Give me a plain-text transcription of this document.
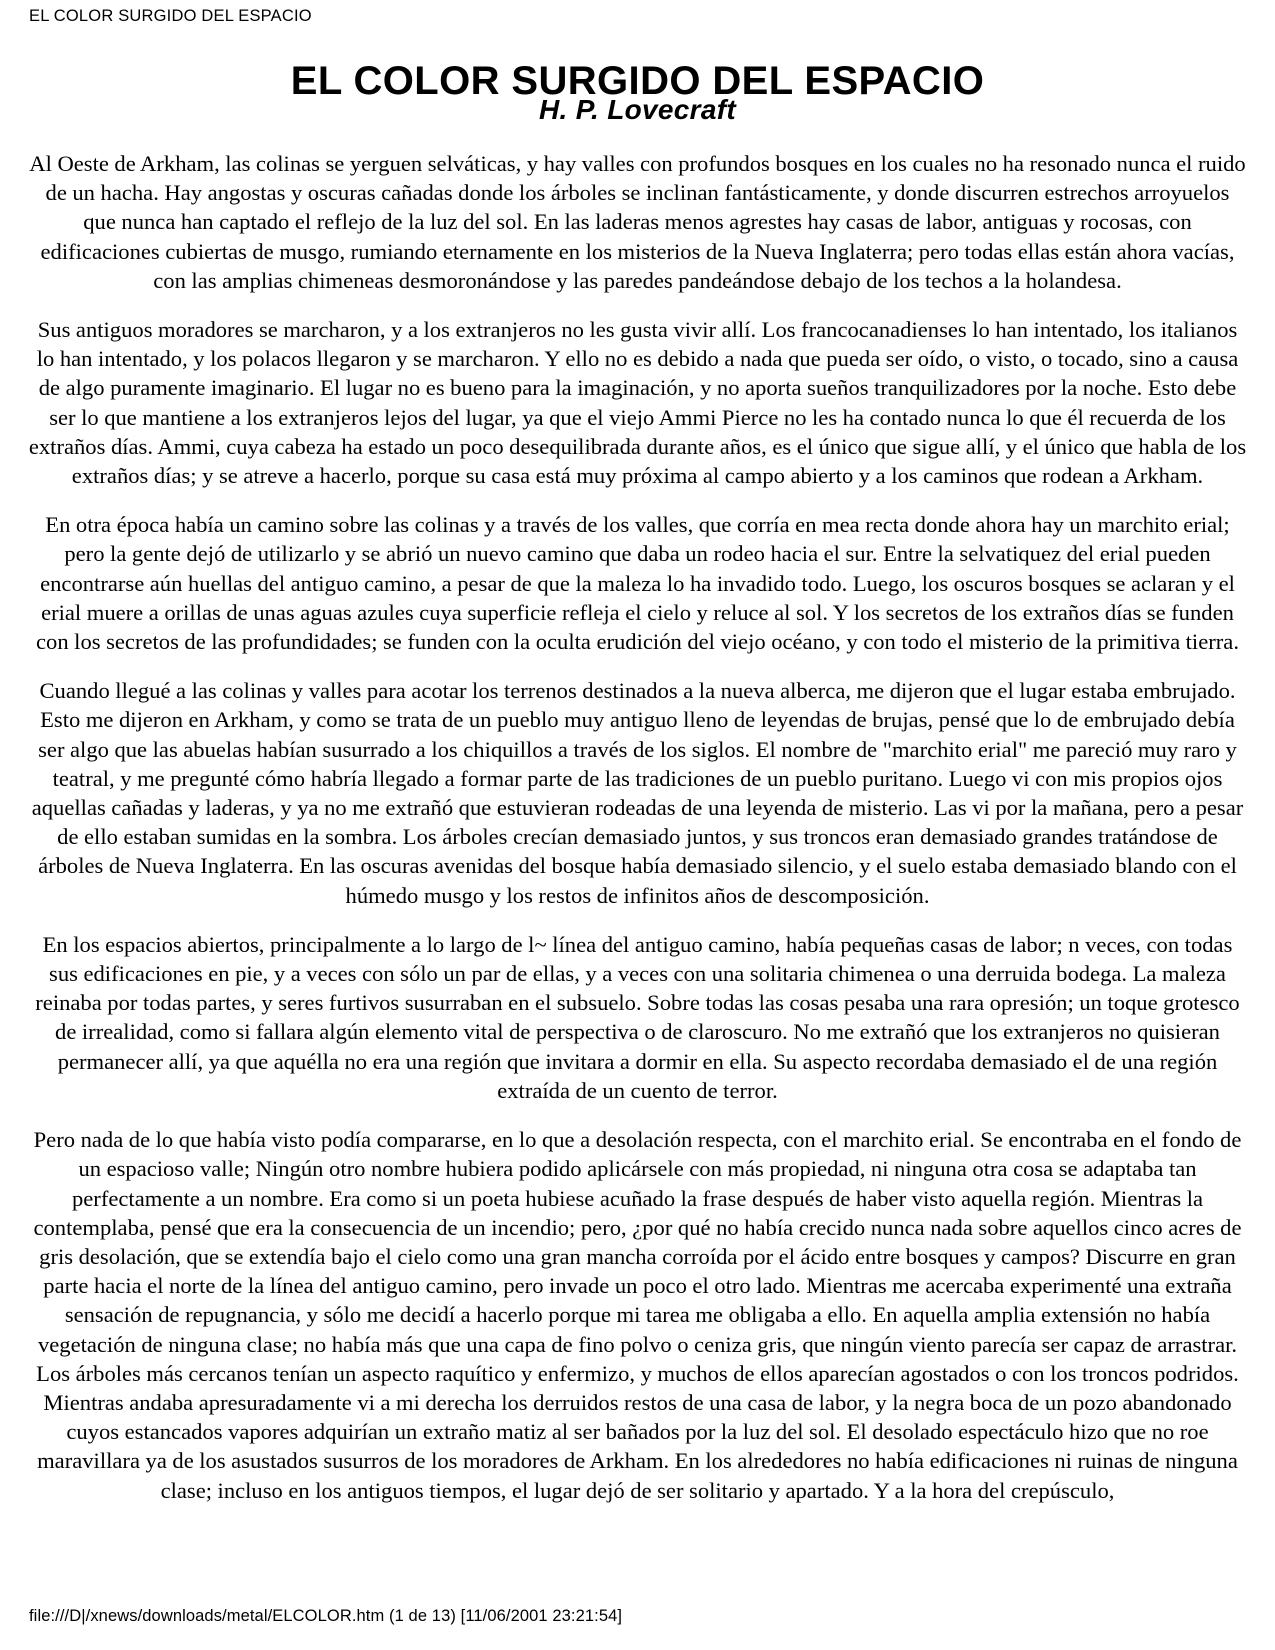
EL COLOR SURGIDO DEL ESPACIO
EL COLOR SURGIDO DEL ESPACIO
H. P. Lovecraft

Al Oeste de Arkham, las colinas se yerguen selváticas, y hay valles con profundos bosques en los cuales no ha resonado nunca el ruido de un hacha. Hay angostas y oscuras cañadas donde los árboles se inclinan fantásticamente, y donde discurren estrechos arroyuelos que nunca han captado el reflejo de la luz del sol. En las laderas menos agrestes hay casas de labor, antiguas y rocosas, con edificaciones cubiertas de musgo, rumiando eternamente en los misterios de la Nueva Inglaterra; pero todas ellas están ahora vacías, con las amplias chimeneas desmoronándose y las paredes pandeándose debajo de los techos a la holandesa.

Sus antiguos moradores se marcharon, y a los extranjeros no les gusta vivir allí. Los francocanadienses lo han intentado, los italianos lo han intentado, y los polacos llegaron y se marcharon. Y ello no es debido a nada que pueda ser oído, o visto, o tocado, sino a causa de algo puramente imaginario. El lugar no es bueno para la imaginación, y no aporta sueños tranquilizadores por la noche. Esto debe ser lo que mantiene a los extranjeros lejos del lugar, ya que el viejo Ammi Pierce no les ha contado nunca lo que él recuerda de los extraños días. Ammi, cuya cabeza ha estado un poco desequilibrada durante años, es el único que sigue allí, y el único que habla de los extraños días; y se atreve a hacerlo, porque su casa está muy próxima al campo abierto y a los caminos que rodean a Arkham.

En otra época había un camino sobre las colinas y a través de los valles, que corría en mea recta donde ahora hay un marchito erial; pero la gente dejó de utilizarlo y se abrió un nuevo camino que daba un rodeo hacia el sur. Entre la selvatiquez del erial pueden encontrarse aún huellas del antiguo camino, a pesar de que la maleza lo ha invadido todo. Luego, los oscuros bosques se aclaran y el erial muere a orillas de unas aguas azules cuya superficie refleja el cielo y reluce al sol. Y los secretos de los extraños días se funden con los secretos de las profundidades; se funden con la oculta erudición del viejo océano, y con todo el misterio de la primitiva tierra.

Cuando llegué a las colinas y valles para acotar los terrenos destinados a la nueva alberca, me dijeron que el lugar estaba embrujado. Esto me dijeron en Arkham, y como se trata de un pueblo muy antiguo lleno de leyendas de brujas, pensé que lo de embrujado debía ser algo que las abuelas habían susurrado a los chiquillos a través de los siglos. El nombre de "marchito erial" me pareció muy raro y teatral, y me pregunté cómo habría llegado a formar parte de las tradiciones de un pueblo puritano. Luego vi con mis propios ojos aquellas cañadas y laderas, y ya no me extrañó que estuvieran rodeadas de una leyenda de misterio. Las vi por la mañana, pero a pesar de ello estaban sumidas en la sombra. Los árboles crecían demasiado juntos, y sus troncos eran demasiado grandes tratándose de árboles de Nueva Inglaterra. En las oscuras avenidas del bosque había demasiado silencio, y el suelo estaba demasiado blando con el húmedo musgo y los restos de infinitos años de descomposición.

En los espacios abiertos, principalmente a lo largo de l~ línea del antiguo camino, había pequeñas casas de labor; n veces, con todas sus edificaciones en pie, y a veces con sólo un par de ellas, y a veces con una solitaria chimenea o una derruida bodega. La maleza reinaba por todas partes, y seres furtivos susurraban en el subsuelo. Sobre todas las cosas pesaba una rara opresión; un toque grotesco de irrealidad, como si fallara algún elemento vital de perspectiva o de claroscuro. No me extrañó que los extranjeros no quisieran permanecer allí, ya que aquélla no era una región que invitara a dormir en ella. Su aspecto recordaba demasiado el de una región extraída de un cuento de terror.

Pero nada de lo que había visto podía compararse, en lo que a desolación respecta, con el marchito erial. Se encontraba en el fondo de un espacioso valle; Ningún otro nombre hubiera podido aplicársele con más propiedad, ni ninguna otra cosa se adaptaba tan perfectamente a un nombre. Era como si un poeta hubiese acuñado la frase después de haber visto aquella región. Mientras la contemplaba, pensé que era la consecuencia de un incendio; pero, ¿por qué no había crecido nunca nada sobre aquellos cinco acres de gris desolación, que se extendía bajo el cielo como una gran mancha corroída por el ácido entre bosques y campos? Discurre en gran parte hacia el norte de la línea del antiguo camino, pero invade un poco el otro lado. Mientras me acercaba experimenté una extraña sensación de repugnancia, y sólo me decidí a hacerlo porque mi tarea me obligaba a ello. En aquella amplia extensión no había vegetación de ninguna clase; no había más que una capa de fino polvo o ceniza gris, que ningún viento parecía ser capaz de arrastrar. Los árboles más cercanos tenían un aspecto raquítico y enfermizo, y muchos de ellos aparecían agostados o con los troncos podridos. Mientras andaba apresuradamente vi a mi derecha los derruidos restos de una casa de labor, y la negra boca de un pozo abandonado cuyos estancados vapores adquirían un extraño matiz al ser bañados por la luz del sol. El desolado espectáculo hizo que no roe maravillara ya de los asustados susurros de los moradores de Arkham. En los alrededores no había edificaciones ni ruinas de ninguna clase; incluso en los antiguos tiempos, el lugar dejó de ser solitario y apartado. Y a la hora del crepúsculo,

file:///D|/xnews/downloads/metal/ELCOLOR.htm (1 de 13) [11/06/2001 23:21:54]
